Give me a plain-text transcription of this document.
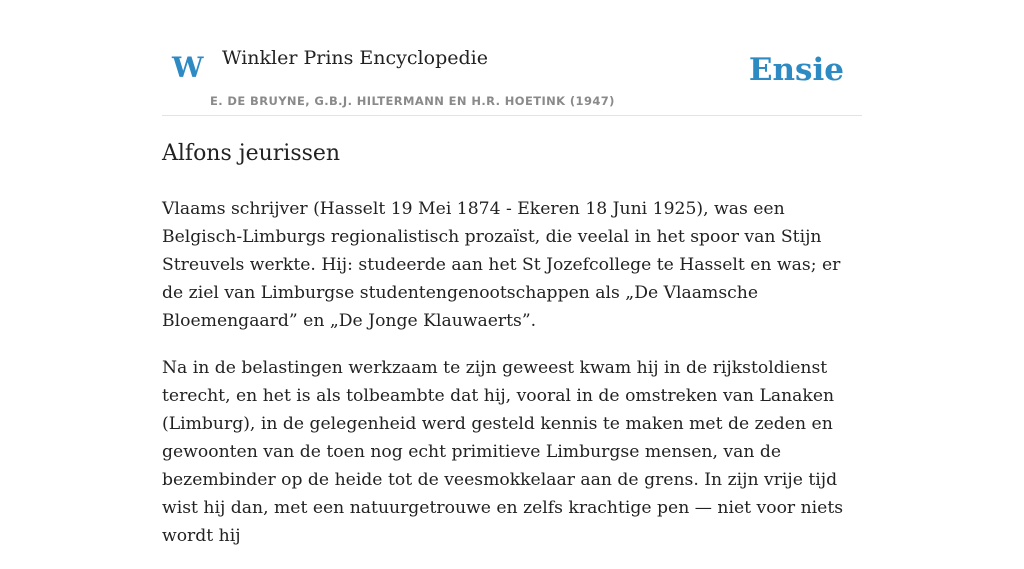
W Winkler Prins Encyclopedie
E. DE BRUYNE, G.B.J. HILTERMANN EN H.R. HOETINK (1947)
Ensie
Alfons jeurissen

Vlaams schrijver (Hasselt 19 Mei 1874 - Ekeren 18 Juni 1925), was een Belgisch-Limburgs regionalistisch prozaïst, die veelal in het spoor van Stijn Streuvels werkte. Hij: studeerde aan het St Jozefcollege te Hasselt en was; er de ziel van Limburgse studentengenootschappen als „De Vlaamsche Bloemengaard” en „De Jonge Klauwaerts”.

Na in de belastingen werkzaam te zijn geweest kwam hij in de rijkstoldienst terecht, en het is als tolbeambte dat hij, vooral in de omstreken van Lanaken (Limburg), in de gelegenheid werd gesteld kennis te maken met de zeden en gewoonten van de toen nog echt primitieve Limburgse mensen, van de bezembinder op de heide tot de veesmokkelaar aan de grens. In zijn vrije tijd wist hij dan, met een natuurgetrouwe en zelfs krachtige pen — niet voor niets wordt hij
